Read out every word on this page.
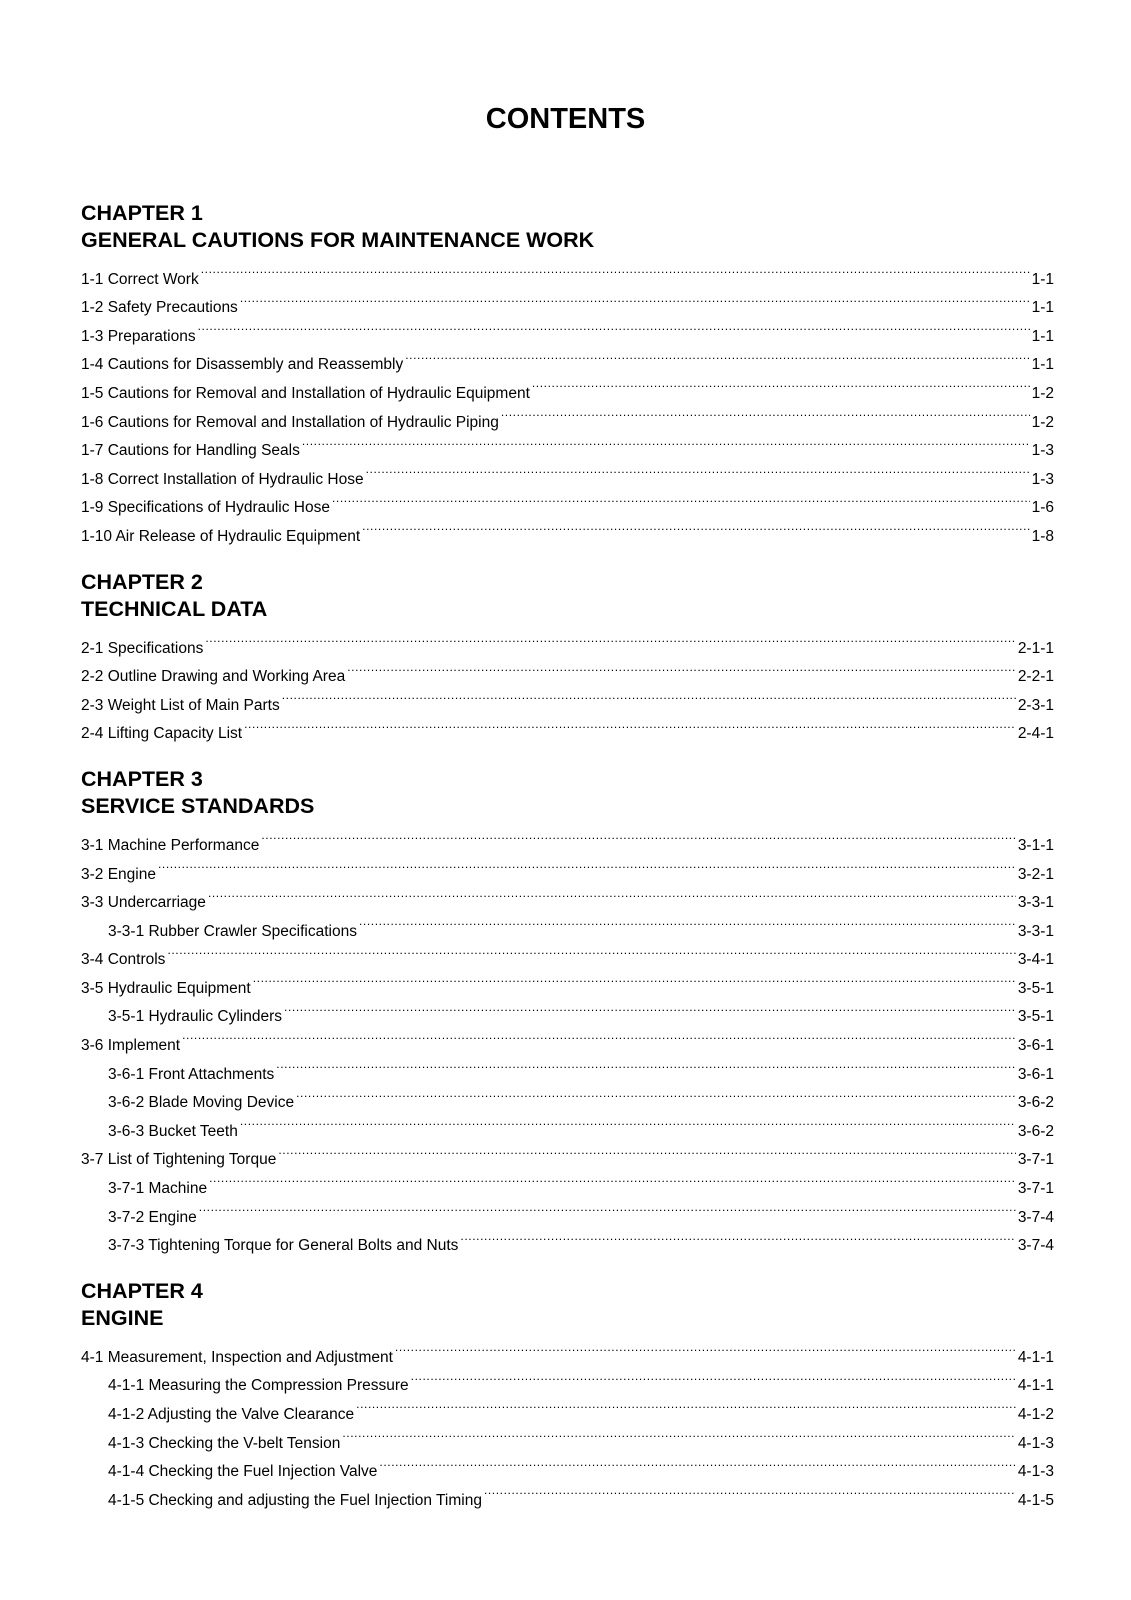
CONTENTS
CHAPTER 1
GENERAL CAUTIONS FOR MAINTENANCE WORK
1-1 Correct Work .....	1-1
1-2 Safety Precautions .....	1-1
1-3 Preparations .....	1-1
1-4 Cautions for Disassembly and Reassembly .....	1-1
1-5 Cautions for Removal and Installation of Hydraulic Equipment .....	1-2
1-6 Cautions for Removal and Installation of Hydraulic Piping .....	1-2
1-7 Cautions for Handling Seals .....	1-3
1-8 Correct Installation of Hydraulic Hose .....	1-3
1-9 Specifications of Hydraulic Hose .....	1-6
1-10 Air Release of Hydraulic Equipment .....	1-8
CHAPTER 2
TECHNICAL DATA
2-1 Specifications .....	2-1-1
2-2 Outline Drawing and Working Area .....	2-2-1
2-3 Weight List of Main Parts .....	2-3-1
2-4 Lifting Capacity List .....	2-4-1
CHAPTER 3
SERVICE STANDARDS
3-1 Machine Performance .....	3-1-1
3-2 Engine .....	3-2-1
3-3 Undercarriage .....	3-3-1
3-3-1 Rubber Crawler Specifications .....	3-3-1
3-4 Controls .....	3-4-1
3-5 Hydraulic Equipment .....	3-5-1
3-5-1 Hydraulic Cylinders .....	3-5-1
3-6 Implement .....	3-6-1
3-6-1 Front Attachments .....	3-6-1
3-6-2 Blade Moving Device .....	3-6-2
3-6-3 Bucket Teeth .....	3-6-2
3-7 List of Tightening Torque .....	3-7-1
3-7-1 Machine .....	3-7-1
3-7-2 Engine .....	3-7-4
3-7-3 Tightening Torque for General Bolts and Nuts .....	3-7-4
CHAPTER 4
ENGINE
4-1 Measurement, Inspection and Adjustment .....	4-1-1
4-1-1 Measuring the Compression Pressure .....	4-1-1
4-1-2 Adjusting the Valve Clearance .....	4-1-2
4-1-3 Checking the V-belt Tension .....	4-1-3
4-1-4 Checking the Fuel Injection Valve .....	4-1-3
4-1-5 Checking and adjusting the Fuel Injection Timing .....	4-1-5
